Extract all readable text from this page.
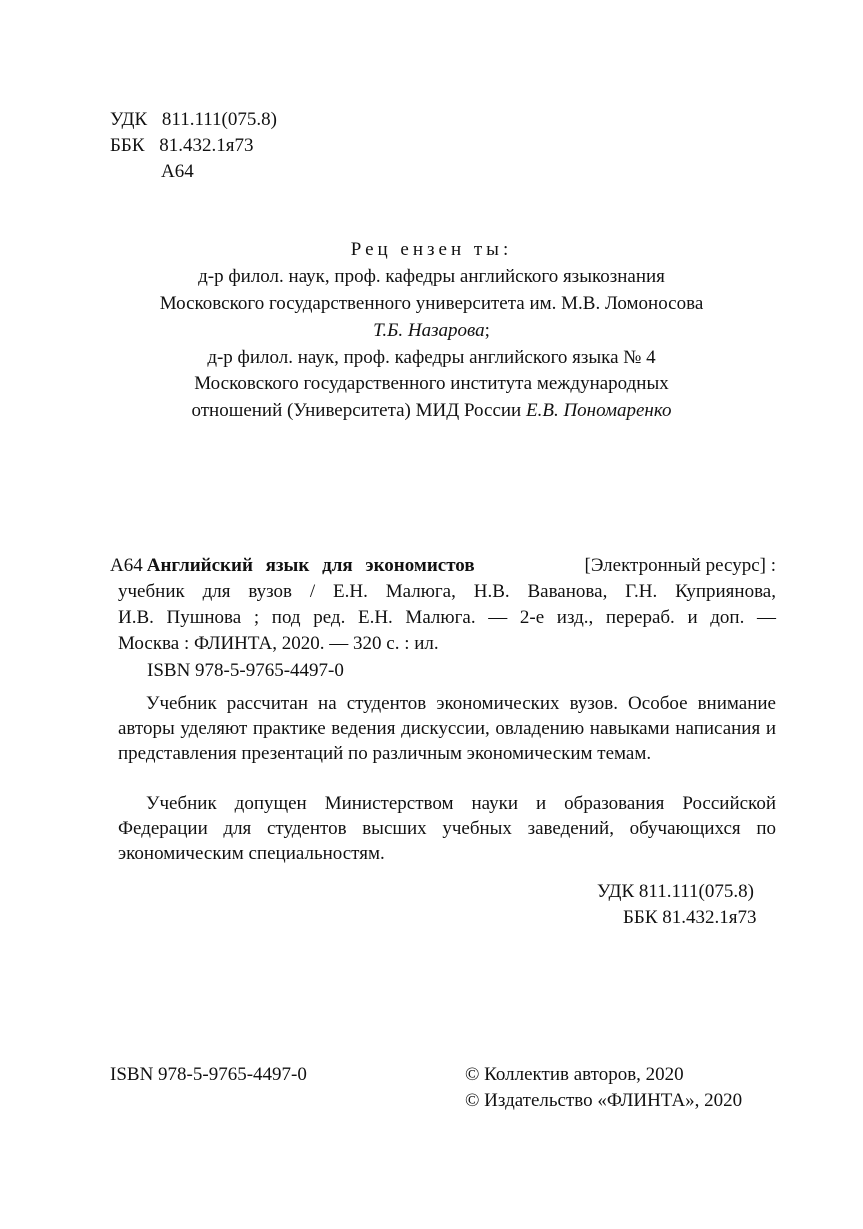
УДК 811.111(075.8)
ББК 81.432.1я73
А64
Рец ензен ты:
д-р филол. наук, проф. кафедры английского языкознания
Московского государственного университета им. М.В. Ломоносова
Т.Б. Назарова;
д-р филол. наук, проф. кафедры английского языка № 4
Московского государственного института международных
отношений (Университета) МИД России Е.В. Пономаренко
А64 Английский язык для экономистов	[Электронный ресурс] :
учебник для вузов / Е.Н. Малюга, Н.В. Ваванова, Г.Н. Куприянова,
И.В. Пушнова ; под ред. Е.Н. Малюга. — 2-е изд., перераб. и доп. —
Москва : ФЛИНТА, 2020. — 320 с. : ил.
ISBN 978-5-9765-4497-0
Учебник рассчитан на студентов экономических вузов. Особое внимание авторы уделяют практике ведения дискуссии, овладению навыками написания и представления презентаций по различным экономическим темам.
Учебник допущен Министерством науки и образования Российской Федерации для студентов высших учебных заведений, обучающихся по экономическим специальностям.
УДК 811.111(075.8)
ББК 81.432.1я73
ISBN 978-5-9765-4497-0	© Коллектив авторов, 2020
© Издательство «ФЛИНТА», 2020
